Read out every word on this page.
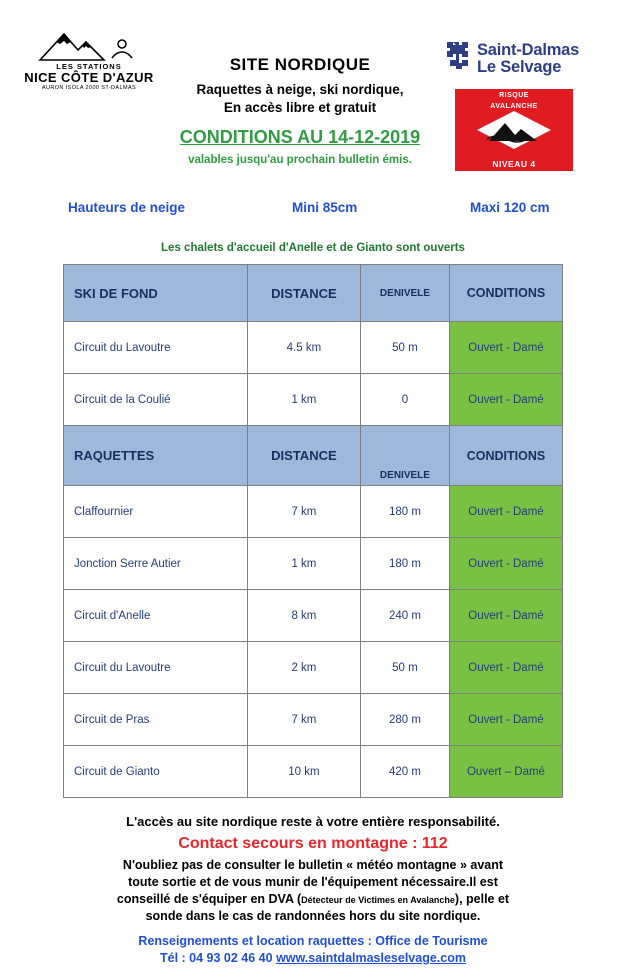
LES STATIONS
NICE CÔTE D'AZUR
AURON ISOLA 2000 ST-DALMAS
SITE NORDIQUE
Raquettes à neige, ski nordique,
En accès libre et gratuit
CONDITIONS AU 14-12-2019
valables jusqu'au prochain bulletin émis.
Saint-Dalmas
Le Selvage
RISQUE
AVALANCHE
NIVEAU 4
Hauteurs de neige	Mini 85cm	Maxi 120 cm
Les chalets d'accueil d'Anelle et de Gianto sont ouverts
SKI DE FOND	DISTANCE	DENIVELE	CONDITIONS
Circuit du Lavoutre	4.5 km	50 m	Ouvert - Damé
Circuit de la Coulié	1 km	0	Ouvert - Damé
RAQUETTES	DISTANCE	DENIVELE	CONDITIONS
Claffournier	7 km	180 m	Ouvert - Damé
Jonction Serre Autier	1 km	180 m	Ouvert - Damé
Circuit d'Anelle	8 km	240 m	Ouvert - Damé
Circuit du Lavoutre	2 km	50 m	Ouvert - Damé
Circuit de Pras	7 km	280 m	Ouvert - Damé
Circuit de Gianto	10 km	420 m	Ouvert – Damé
L'accès au site nordique reste à votre entière responsabilité.
Contact secours en montagne : 112
N'oubliez pas de consulter le bulletin « météo montagne » avant
toute sortie et de vous munir de l'équipement nécessaire.Il est
conseillé de s'équiper en DVA (Détecteur de Victimes en Avalanche), pelle et
sonde dans le cas de randonnées hors du site nordique.
Renseignements et location raquettes : Office de Tourisme
Tél : 04 93 02 46 40 www.saintdalmasleselvage.com
